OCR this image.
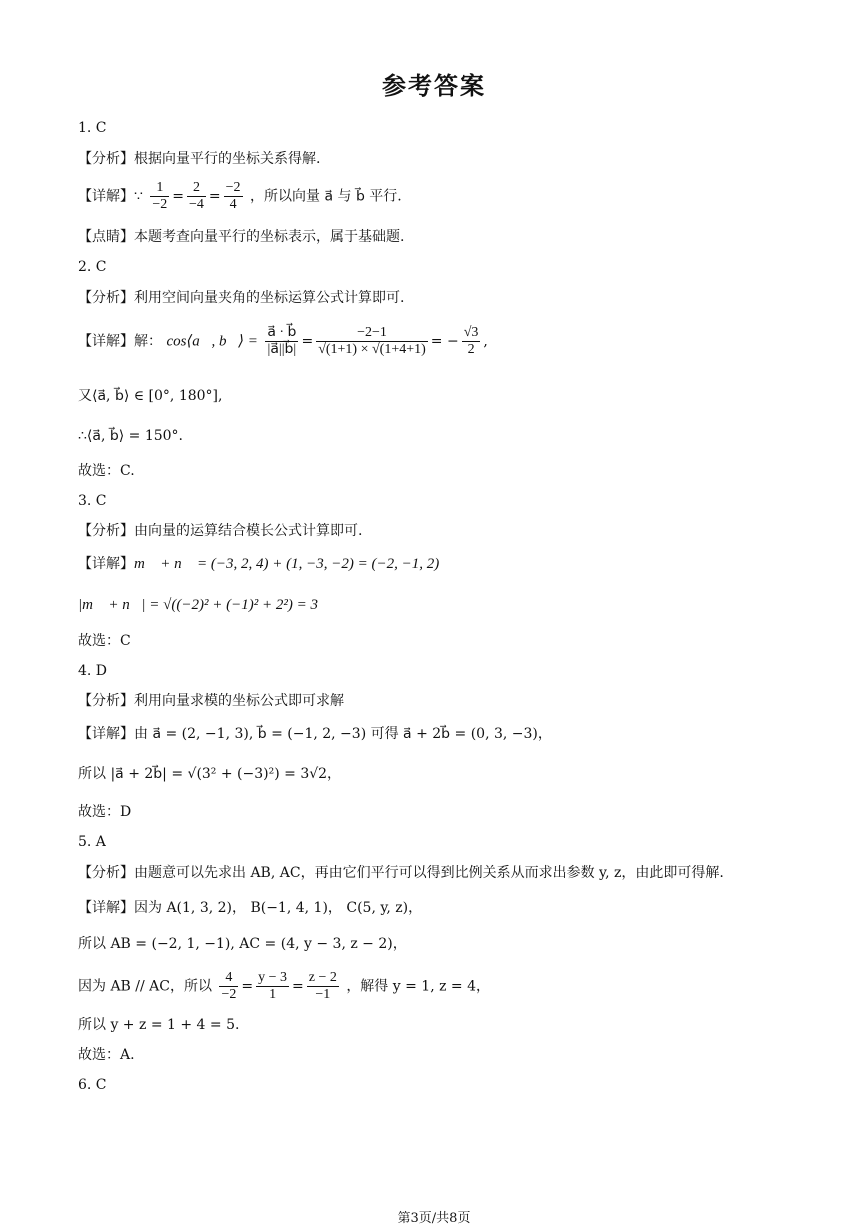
参考答案
1. C
【分析】根据向量平行的坐标关系得解.
【详解】∵ $\frac{1}{-2} = \frac{2}{-4} = \frac{-2}{4}$ ，所以向量 a⃗ 与 b⃗ 平行.
【点睛】本题考查向量平行的坐标表示，属于基础题.
2. C
【分析】利用空间向量夹角的坐标运算公式计算即可.
【详解】解： cos⟨a⃗, b⃗⟩ = $\frac{a⃗ \cdot b⃗}{|a⃗||b⃗|} = \frac{-2-1}{√(1+1) \times √(1+4+1)}$ = − $\frac{√3}{2}$ ,
又⟨a⃗, b⃗⟩ ∈ [0°, 180°],
∴⟨a⃗, b⃗⟩ = 150°.
故选：C.
3. C
【分析】由向量的运算结合模长公式计算即可.
【详解】m⃗ + n⃗ = (−3, 2, 4) + (1, −3, −2) = (−2, −1, 2)
|m⃗ + n⃗| = √((−2)² + (−1)² + 2²) = 3
故选：C
4. D
【分析】利用向量求模的坐标公式即可求解
【详解】由 a⃗ = (2, −1, 3), b⃗ = (−1, 2, −3) 可得 a⃗ + 2b⃗ = (0, 3, −3)，
所以 |a⃗ + 2b⃗| = √(3² + (−3)²) = 3√2，
故选：D
5. A
【分析】由题意可以先求出 AB, AC，再由它们平行可以得到比例关系从而求出参数 y, z，由此即可得解.
【详解】因为 A(1, 3, 2)， B(−1, 4, 1)， C(5, y, z)，
所以 AB = (−2, 1, −1), AC = (4, y − 3, z − 2)，
因为 AB // AC，所以 $\frac{4}{-2} = \frac{y - 3}{1} = \frac{z - 2}{-1}$ ，解得 y = 1, z = 4，
所以 y + z = 1 + 4 = 5.
故选：A.
6. C
第3页/共8页
